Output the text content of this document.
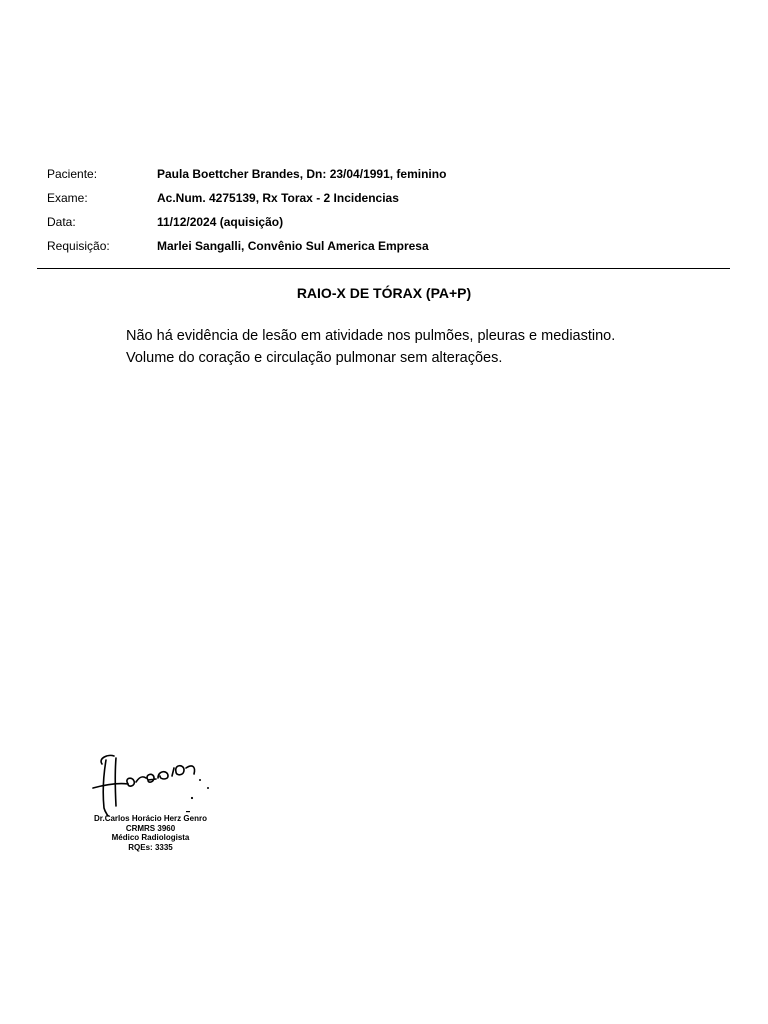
Paciente:	Paula Boettcher Brandes, Dn: 23/04/1991, feminino
Exame:	Ac.Num. 4275139, Rx Torax - 2 Incidencias
Data:	11/12/2024 (aquisição)
Requisição:	Marlei Sangalli, Convênio Sul America Empresa
RAIO-X DE TÓRAX (PA+P)

Não há evidência de lesão em atividade nos pulmões, pleuras e mediastino.

Volume do coração e circulação pulmonar sem alterações.

Dr.Carlos Horácio Herz Genro
CRMRS 3960
Médico Radiologista
RQEs: 3335
